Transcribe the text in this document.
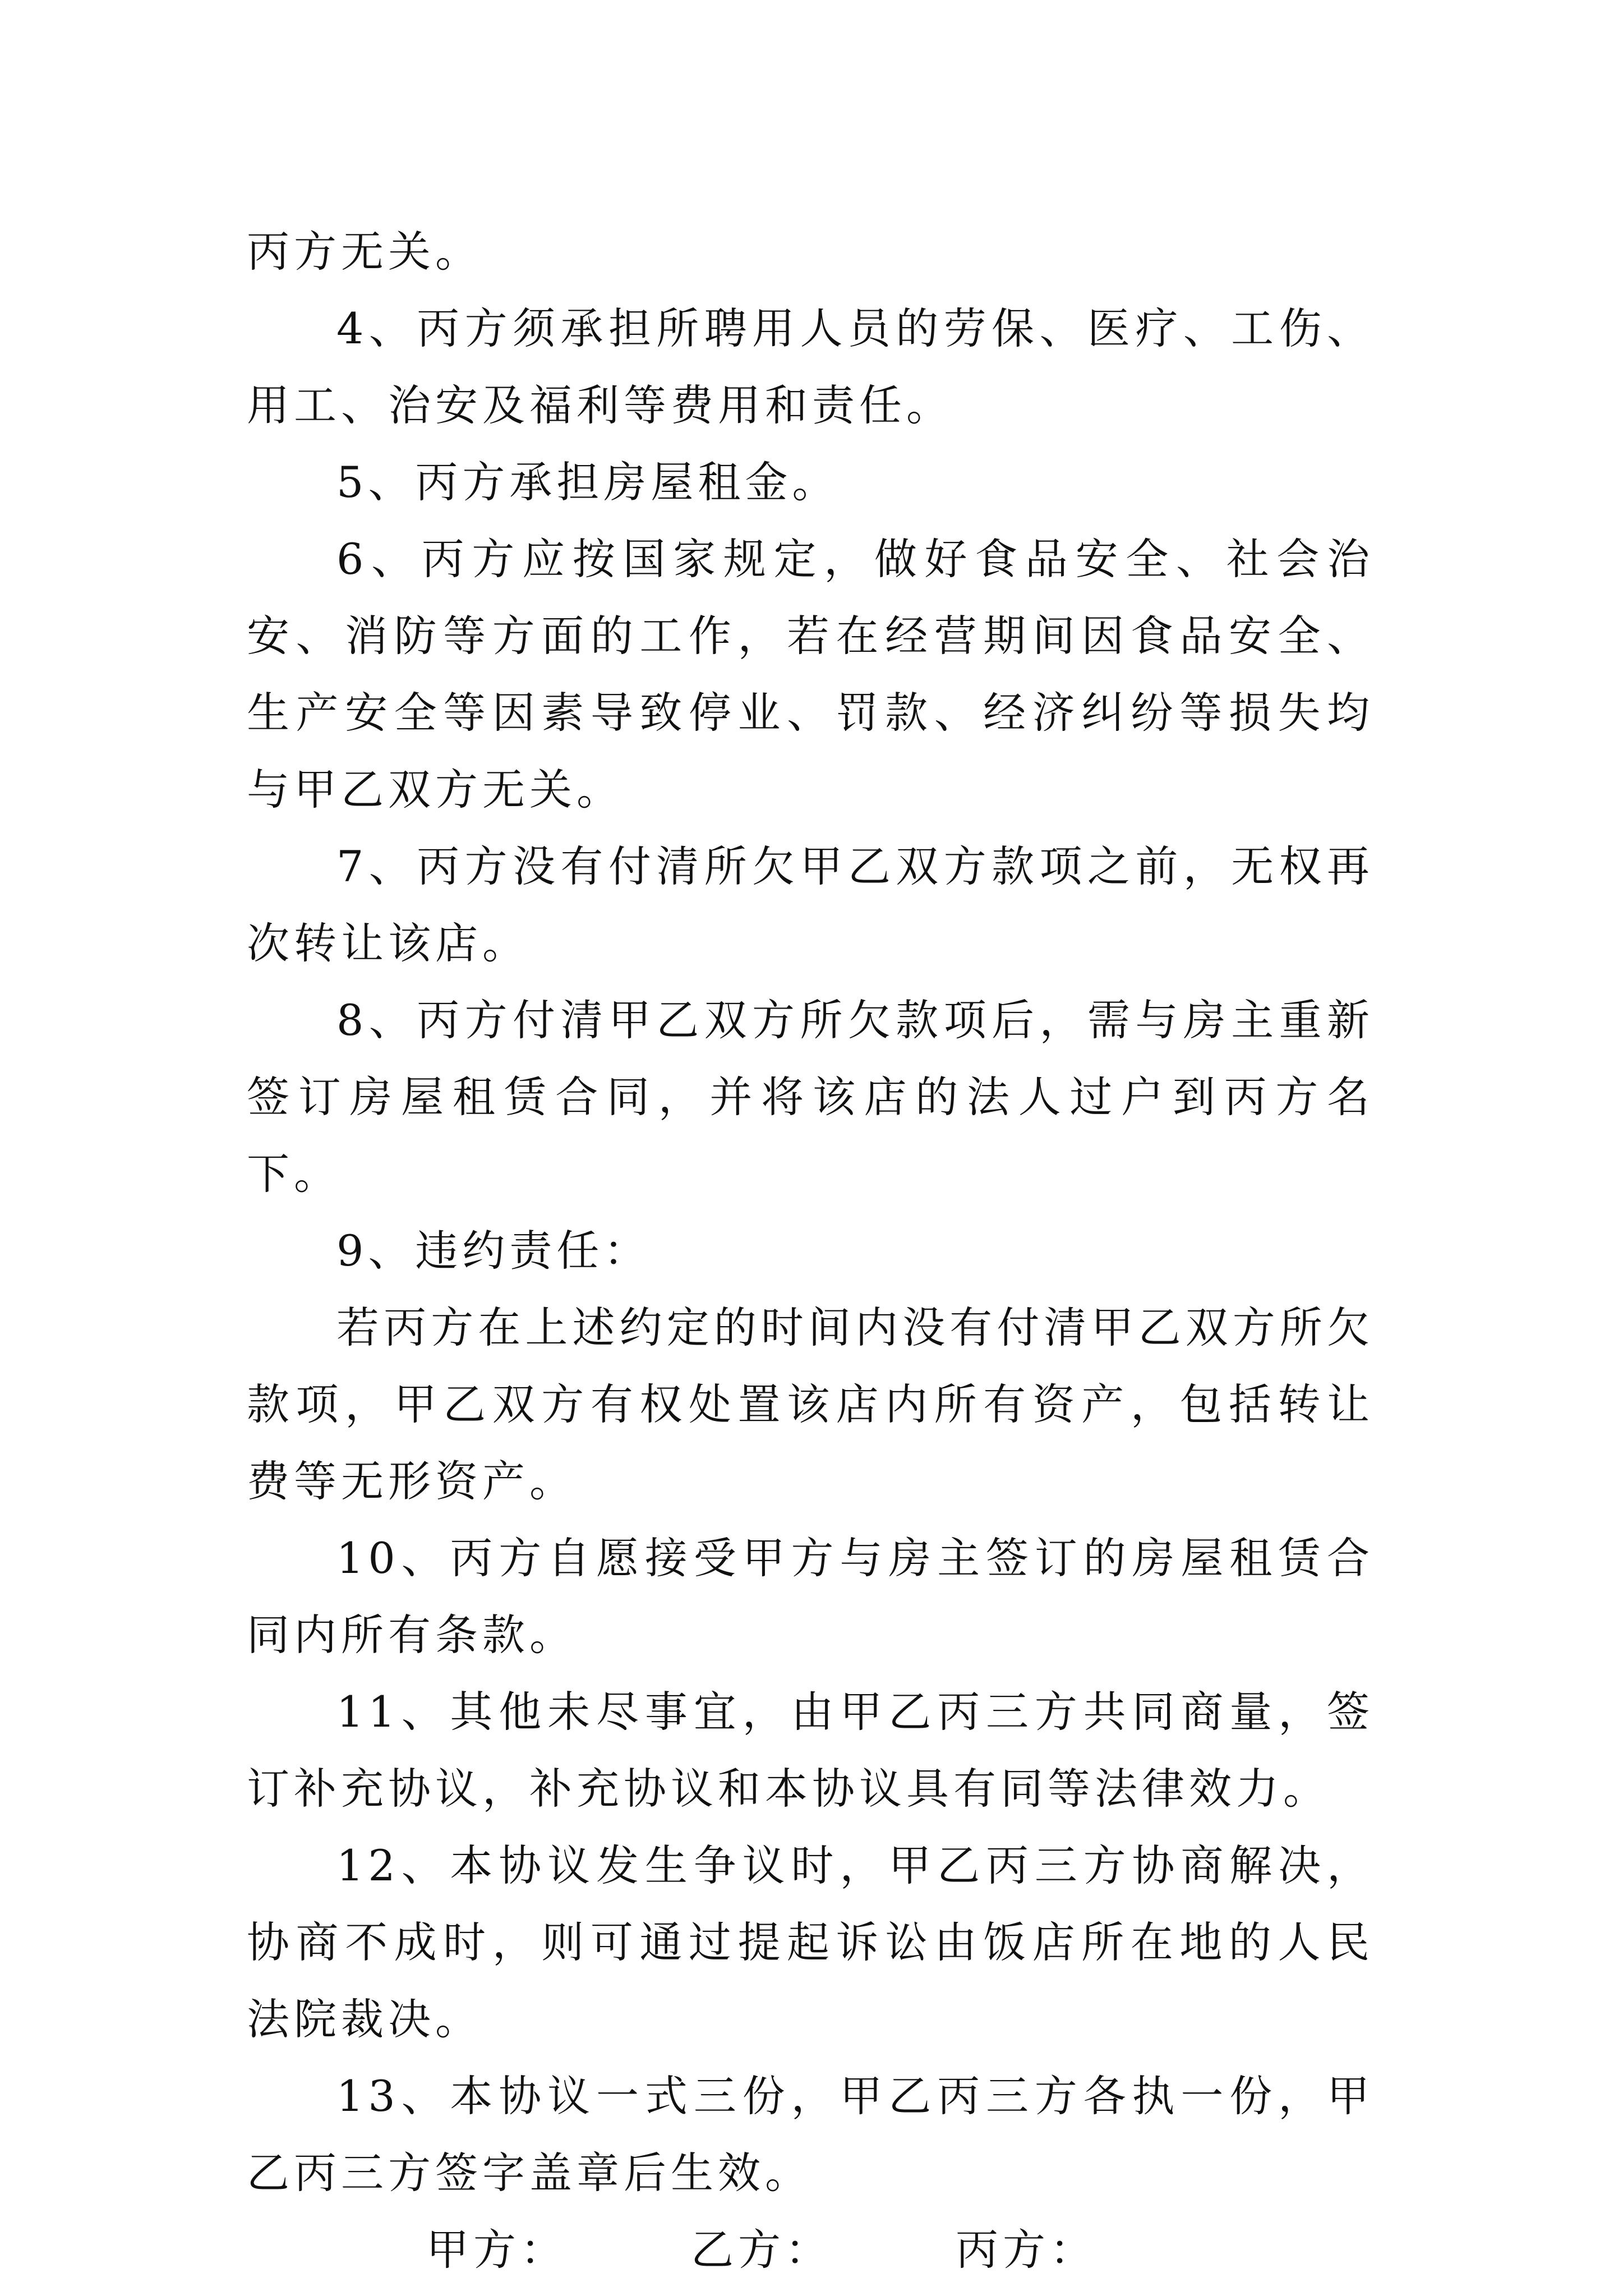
丙方无关。

4、丙方须承担所聘用人员的劳保、医疗、工伤、用工、治安及福利等费用和责任。

5、丙方承担房屋租金。

6、丙方应按国家规定，做好食品安全、社会治安、消防等方面的工作，若在经营期间因食品安全、生产安全等因素导致停业、罚款、经济纠纷等损失均与甲乙双方无关。

7、丙方没有付清所欠甲乙双方款项之前，无权再次转让该店。

8、丙方付清甲乙双方所欠款项后，需与房主重新签订房屋租赁合同，并将该店的法人过户到丙方名下。

9、违约责任：

若丙方在上述约定的时间内没有付清甲乙双方所欠款项，甲乙双方有权处置该店内所有资产，包括转让费等无形资产。

10、丙方自愿接受甲方与房主签订的房屋租赁合同内所有条款。

11、其他未尽事宜，由甲乙丙三方共同商量，签订补充协议，补充协议和本协议具有同等法律效力。

12、本协议发生争议时，甲乙丙三方协商解决，协商不成时，则可通过提起诉讼由饭店所在地的人民法院裁决。

13、本协议一式三份，甲乙丙三方各执一份，甲乙丙三方签字盖章后生效。

甲方：	乙方：	丙方：
